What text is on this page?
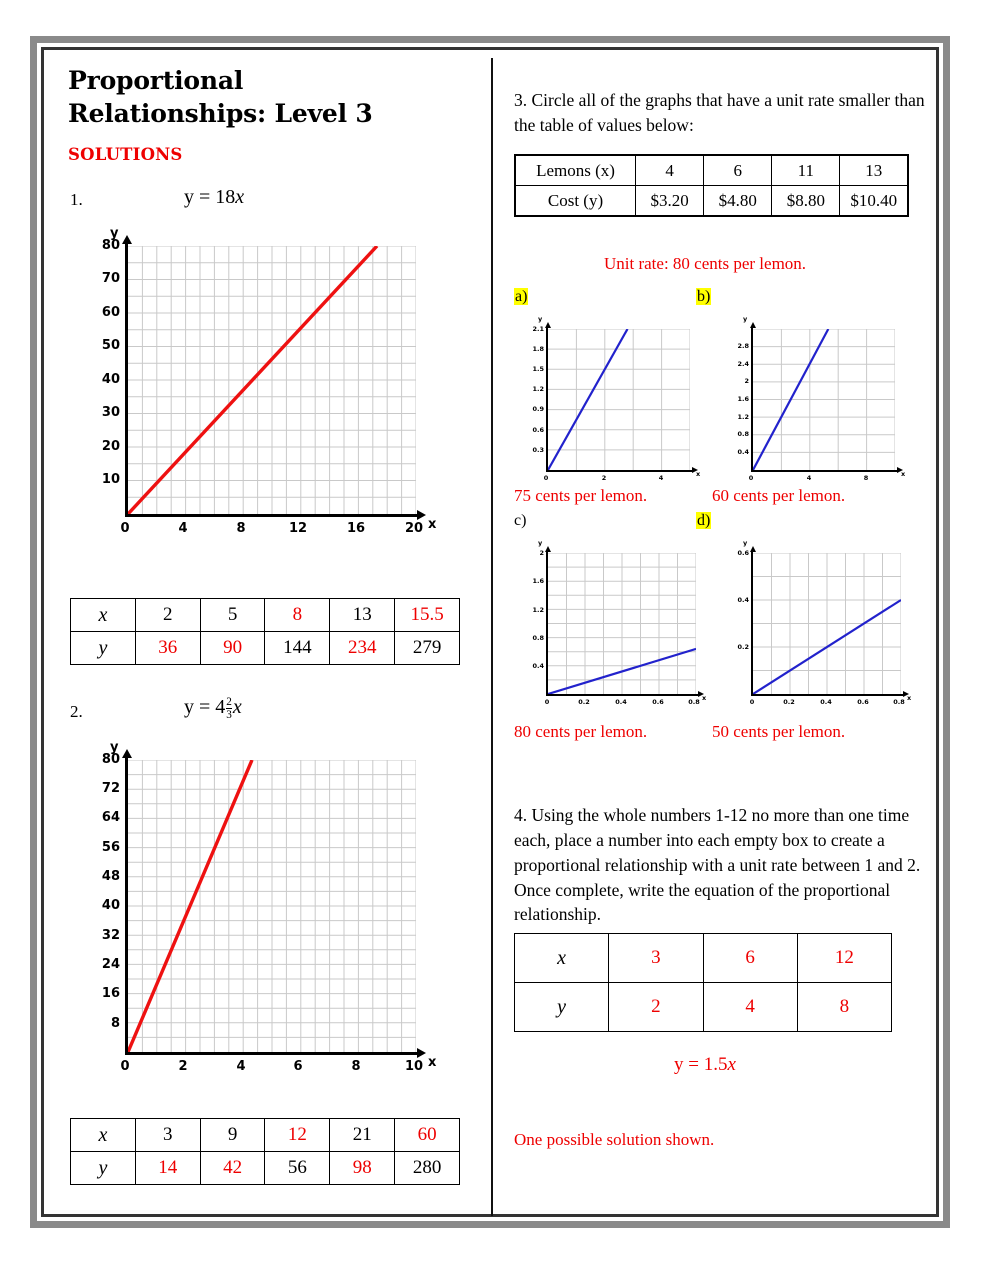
Proportional
Relationships: Level 3
SOLUTIONS
1.	y = 18x
y
x
80
70
60
50
40
30
20
10
0	4	8	12	16	20
x	2	5	8	13	15.5
y	36	90	144	234	279
2.	$y = 4\frac{2}{3}$ x
y
x
80
72
64
56
48
40
32
24
16
8
0	2	4	6	8	10
x	3	9	12	21	60
y	14	42	56	98	280
3. Circle all of the graphs that have a unit rate smaller than the table of values below:
Lemons (x)	4	6	11	13
Cost (y)	$3.20	$4.80	$8.80	$10.40
Unit rate: 80 cents per lemon.
a)
y
x
2.1
1.8
1.5
1.2
0.9
0.6
0.3
0	2	4
75 cents per lemon.
b)
y
x
2.8
2.4
2
1.6
1.2
0.8
0.4
0	4	8
60 cents per lemon.
c)
y
x
2
1.6
1.2
0.8
0.4
0	0.2	0.4	0.6	0.8
80 cents per lemon.
d)
y
x
0.6
0.4
0.2
0	0.2	0.4	0.6	0.8
50 cents per lemon.
4. Using the whole numbers 1-12 no more than one time each, place a number into each empty box to create a proportional relationship with a unit rate between 1 and 2. Once complete, write the equation of the proportional relationship.
x	3	6	12
y	2	4	8
y = 1.5x
One possible solution shown.
